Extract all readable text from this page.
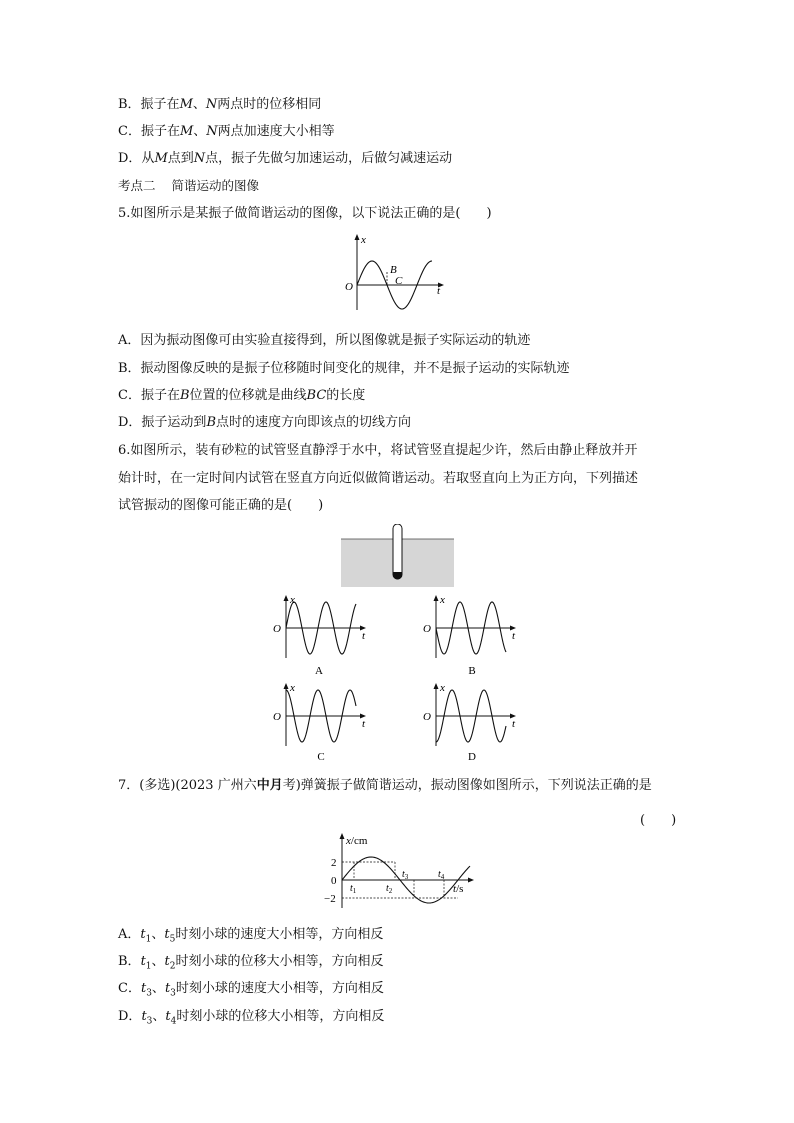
B．振子在M、N两点时的位移相同
C．振子在M、N两点加速度大小相等
D．从M点到N点，振子先做匀加速运动，后做匀减速运动
考点二 简谐运动的图像
5.如图所示是某振子做简谐运动的图像，以下说法正确的是(　　)
x
t
O
B
C
A．因为振动图像可由实验直接得到，所以图像就是振子实际运动的轨迹
B．振动图像反映的是振子位移随时间变化的规律，并不是振子运动的实际轨迹
C．振子在B位置的位移就是曲线BC的长度
D．振子运动到B点时的速度方向即该点的切线方向
6.如图所示，装有砂粒的试管竖直静浮于水中，将试管竖直提起少许，然后由静止释放并开
始计时，在一定时间内试管在竖直方向近似做简谐运动。若取竖直向上为正方向，下列描述
试管振动的图像可能正确的是(　　)
x
t
O
A
x
t
O
B
x
t
O
C
x
t
O
D
7．(多选)(2023 广州六中月考)弹簧振子做简谐运动，振动图像如图所示，下列说法正确的是
(　　)
x/cm
t/s
2
0
−2
$t_1$	$t_2$
$t_3$	$t_4$
A．$t_1$、$t_5$时刻小球的速度大小相等，方向相反
B．$t_1$、$t_2$时刻小球的位移大小相等，方向相反
C．$t_3$、$t_3$时刻小球的速度大小相等，方向相反
D．$t_3$、$t_4$时刻小球的位移大小相等，方向相反
